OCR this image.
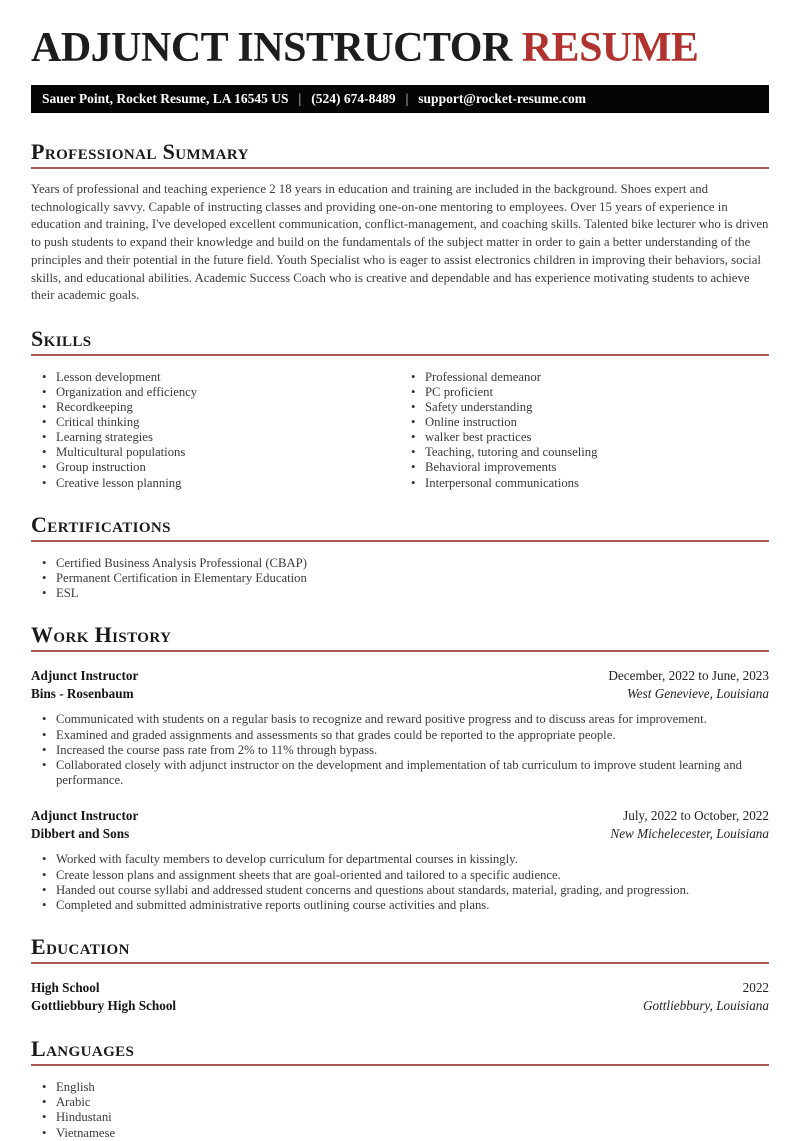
ADJUNCT INSTRUCTOR RESUME
Sauer Point, Rocket Resume, LA 16545 US | (524) 674-8489 | support@rocket-resume.com
Professional Summary

Years of professional and teaching experience 2 18 years in education and training are included in the background. Shoes expert and technologically savvy. Capable of instructing classes and providing one-on-one mentoring to employees. Over 15 years of experience in education and training, I've developed excellent communication, conflict-management, and coaching skills. Talented bike lecturer who is driven to push students to expand their knowledge and build on the fundamentals of the subject matter in order to gain a better understanding of the principles and their potential in the future field. Youth Specialist who is eager to assist electronics children in improving their behaviors, social skills, and educational abilities. Academic Success Coach who is creative and dependable and has experience motivating students to achieve their academic goals.

Skills
• Lesson development
• Organization and efficiency
• Recordkeeping
• Critical thinking
• Learning strategies
• Multicultural populations
• Group instruction
• Creative lesson planning
• Professional demeanor
• PC proficient
• Safety understanding
• Online instruction
• walker best practices
• Teaching, tutoring and counseling
• Behavioral improvements
• Interpersonal communications
Certifications
• Certified Business Analysis Professional (CBAP)
• Permanent Certification in Elementary Education
• ESL
Work History
Adjunct Instructor	December, 2022 to June, 2023
Bins - Rosenbaum	West Genevieve, Louisiana
• Communicated with students on a regular basis to recognize and reward positive progress and to discuss areas for improvement.
• Examined and graded assignments and assessments so that grades could be reported to the appropriate people.
• Increased the course pass rate from 2% to 11% through bypass.
• Collaborated closely with adjunct instructor on the development and implementation of tab curriculum to improve student learning and performance.
Adjunct Instructor	July, 2022 to October, 2022
Dibbert and Sons	New Michelecester, Louisiana
• Worked with faculty members to develop curriculum for departmental courses in kissingly.
• Create lesson plans and assignment sheets that are goal-oriented and tailored to a specific audience.
• Handed out course syllabi and addressed student concerns and questions about standards, material, grading, and progression.
• Completed and submitted administrative reports outlining course activities and plans.
Education
High School	2022
Gottliebbury High School	Gottliebbury, Louisiana
Languages
• English
• Arabic
• Hindustani
• Vietnamese
